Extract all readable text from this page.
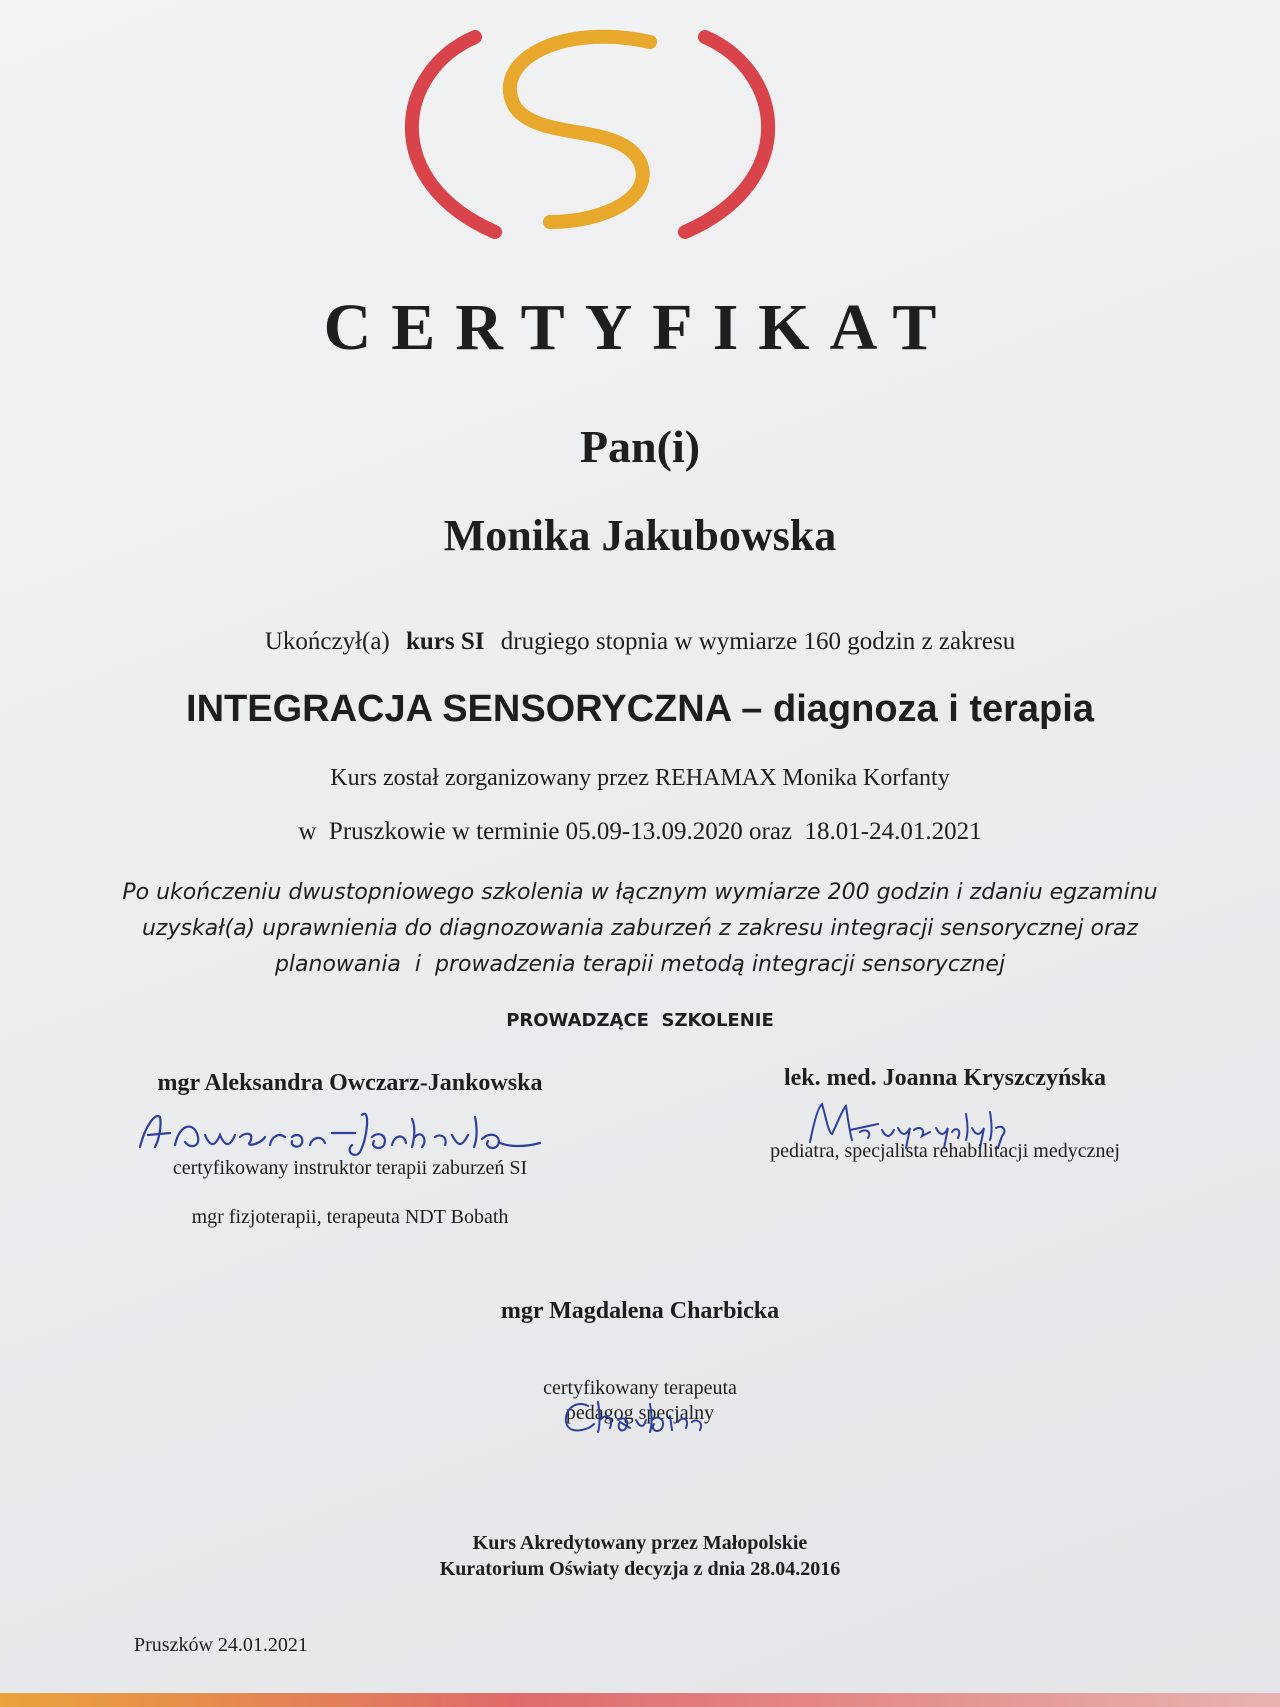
CERTYFIKAT
Pan(i)
Monika Jakubowska
Ukończył(a) kurs SI drugiego stopnia w wymiarze 160 godzin z zakresu
INTEGRACJA SENSORYCZNA – diagnoza i terapia
Kurs został zorganizowany przez REHAMAX Monika Korfanty
w  Pruszkowie w terminie 05.09-13.09.2020 oraz  18.01-24.01.2021
Po ukończeniu dwustopniowego szkolenia w łącznym wymiarze 200 godzin i zdaniu egzaminu
uzyskał(a) uprawnienia do diagnozowania zaburzeń z zakresu integracji sensorycznej oraz
planowania  i  prowadzenia terapii metodą integracji sensorycznej
PROWADZĄCE  SZKOLENIE
mgr Aleksandra Owczarz-Jankowska
certyfikowany instruktor terapii zaburzeń SI
mgr fizjoterapii, terapeuta NDT Bobath
lek. med. Joanna Kryszczyńska
pediatra, specjalista rehabilitacji medycznej
mgr Magdalena Charbicka
certyfikowany terapeuta
pedagog specjalny
Kurs Akredytowany przez Małopolskie
Kuratorium Oświaty decyzja z dnia 28.04.2016
Pruszków 24.01.2021
